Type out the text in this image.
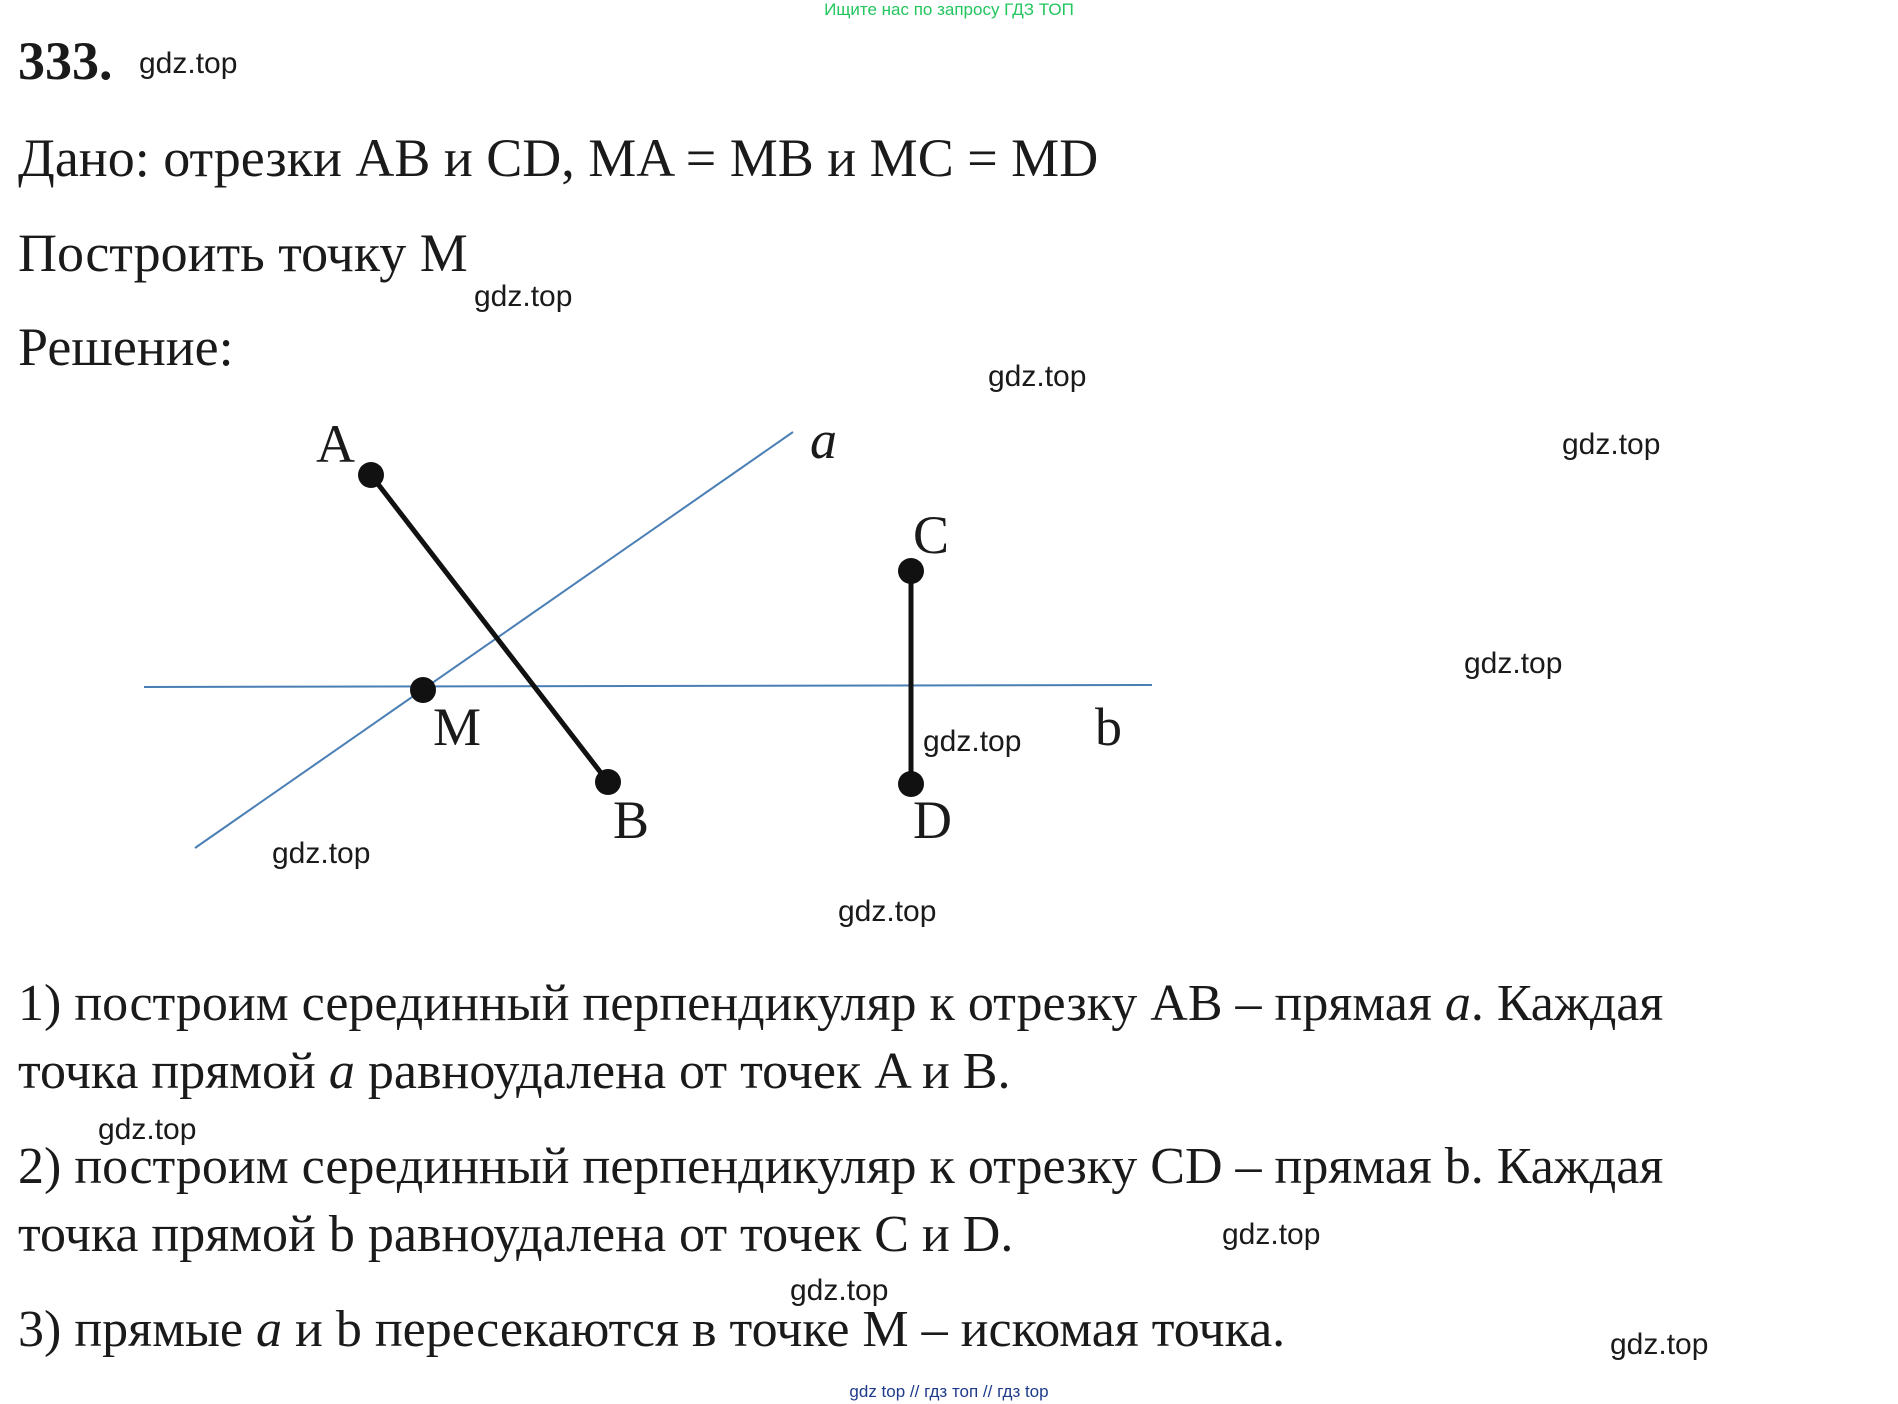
Ищите нас по запросу ГДЗ ТОП
333.
Дано: отрезки AB и CD, MA = MB и MC = MD
Построить точку M
Решение:
A
B
C
D
M
a
b
gdz.top
gdz.top
gdz.top
gdz.top
gdz.top
gdz.top
gdz.top
gdz.top
gdz.top
gdz.top
gdz.top
gdz.top
1) построим серединный перпендикуляр к отрезку AB – прямая a. Каждая
точка прямой a равноудалена от точек A и B.
2) построим серединный перпендикуляр к отрезку CD – прямая b. Каждая
точка прямой b равноудалена от точек C и D.
3) прямые a и b пересекаются в точке M – искомая точка.
gdz top // гдз топ // гдз top
